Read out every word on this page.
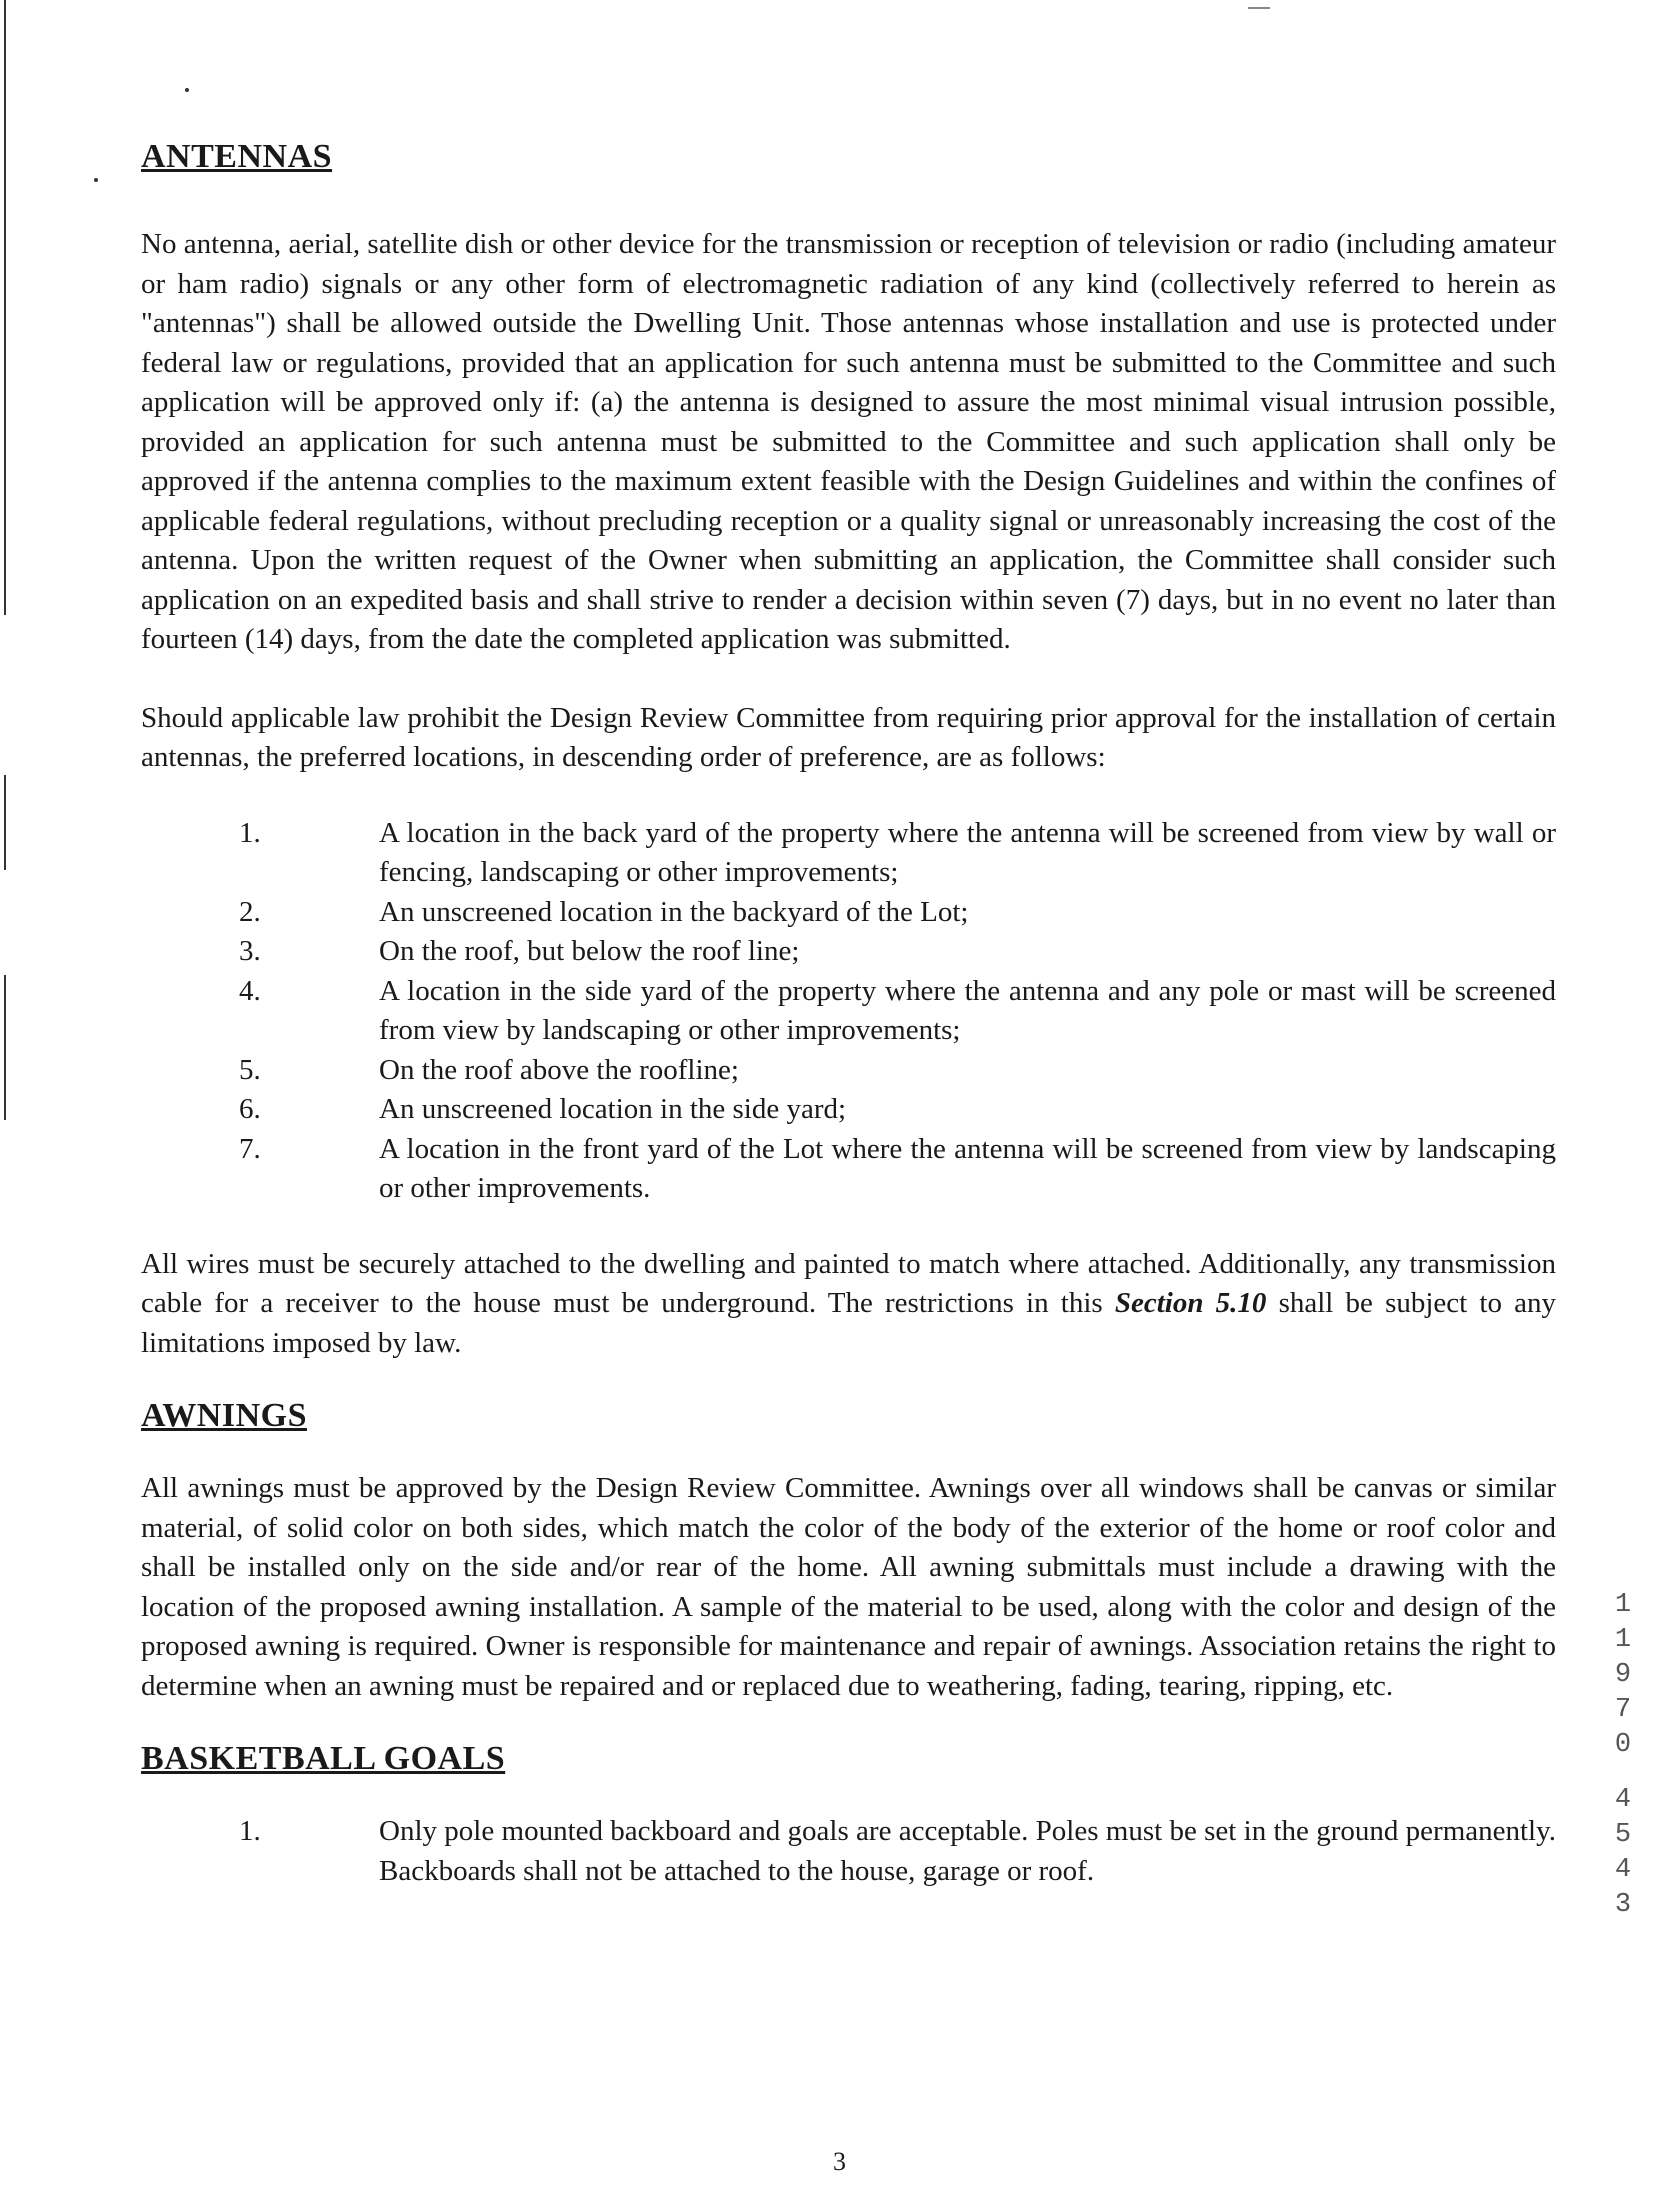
ANTENNAS

No antenna, aerial, satellite dish or other device for the transmission or reception of television or radio (including amateur or ham radio) signals or any other form of electromagnetic radiation of any kind (collectively referred to herein as "antennas") shall be allowed outside the Dwelling Unit. Those antennas whose installation and use is protected under federal law or regulations, provided that an application for such antenna must be submitted to the Committee and such application will be approved only if: (a) the antenna is designed to assure the most minimal visual intrusion possible, provided an application for such antenna must be submitted to the Committee and such application shall only be approved if the antenna complies to the maximum extent feasible with the Design Guidelines and within the confines of applicable federal regulations, without precluding reception or a quality signal or unreasonably increasing the cost of the antenna. Upon the written request of the Owner when submitting an application, the Committee shall consider such application on an expedited basis and shall strive to render a decision within seven (7) days, but in no event no later than fourteen (14) days, from the date the completed application was submitted.

Should applicable law prohibit the Design Review Committee from requiring prior approval for the installation of certain antennas, the preferred locations, in descending order of preference, are as follows:

1.	A location in the back yard of the property where the antenna will be screened from view by wall or fencing, landscaping or other improvements;
2.	An unscreened location in the backyard of the Lot;
3.	On the roof, but below the roof line;
4.	A location in the side yard of the property where the antenna and any pole or mast will be screened from view by landscaping or other improvements;
5.	On the roof above the roofline;
6.	An unscreened location in the side yard;
7.	A location in the front yard of the Lot where the antenna will be screened from view by landscaping or other improvements.

All wires must be securely attached to the dwelling and painted to match where attached. Additionally, any transmission cable for a receiver to the house must be underground. The restrictions in this Section 5.10 shall be subject to any limitations imposed by law.

AWNINGS

All awnings must be approved by the Design Review Committee. Awnings over all windows shall be canvas or similar material, of solid color on both sides, which match the color of the body of the exterior of the home or roof color and shall be installed only on the side and/or rear of the home. All awning submittals must include a drawing with the location of the proposed awning installation. A sample of the material to be used, along with the color and design of the proposed awning is required. Owner is responsible for maintenance and repair of awnings. Association retains the right to determine when an awning must be repaired and or replaced due to weathering, fading, tearing, ripping, etc.

BASKETBALL GOALS
1.	Only pole mounted backboard and goals are acceptable. Poles must be set in the ground permanently. Backboards shall not be attached to the house, garage or roof.
1
1
9
7
0
4
5
4
3
3
